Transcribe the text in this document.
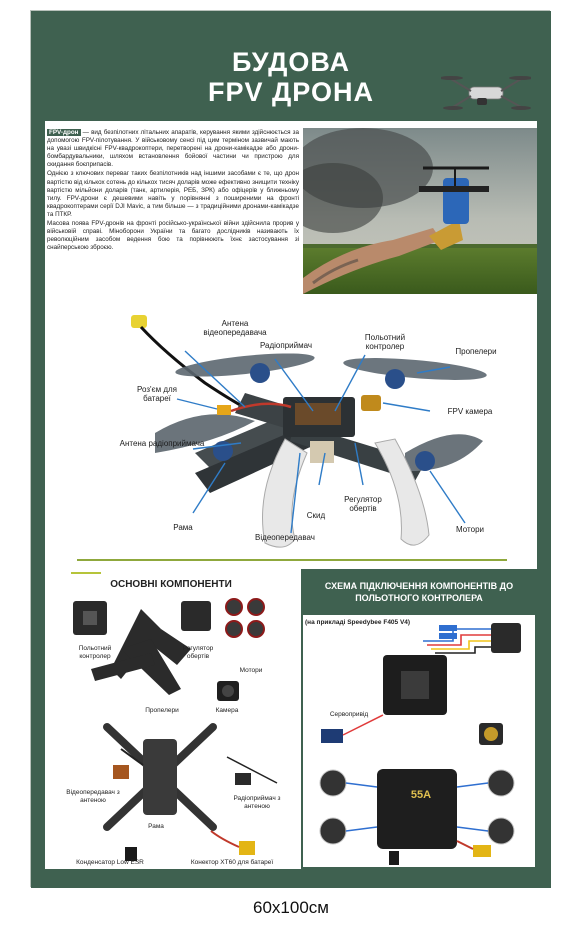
БУДОВА
FPV ДРОНА

FPV-дрон — вид безпілотних літальних апаратів, керування якими здійснюється за допомогою FPV-пілотування. У військовому сенсі під цим терміном зазвичай мають на увазі швидкісні FPV-квадрокоптери, перетворені на дрони-камікадзе або дрони-бомбардувальники, шляхом встановлення бойової частини чи пристрою для скидання боєприпасів.

Однією з ключових переваг таких безпілотників над іншими засобами є те, що дрон вартістю від кількох сотень до кількох тисяч доларів може ефективно знищити техніку вартістю мільйони доларів (танк, артилерія, РЕБ, ЗРК) або офіцерів у ближньому тилу. FPV-дрони є дешевими навіть у порівнянні з поширеними на фронті квадрокоптерами серії DJI Mavic, а тим більше — з традиційними дронами-камікадзе та ПТКР.

Масова поява FPV-дронів на фронті російсько-української війни здійснила прорив у військовій справі. Міноборони України та багато дослідників називають їх революційним засобом ведення бою та порівнюють їхнє застосування зі снайперською зброєю.

Антена відеопередавача
Радіоприймач
Польотний контролер
Пропелери
Роз'єм для батареї
FPV камера
Антена радіоприймача
Рама
Відеопередавач
Скид
Регулятор обертів
Мотори
ОСНОВНІ КОМПОНЕНТИ
Польотний контролер
Регулятор обертів
Мотори
Пропелери	Камера
Відеопередавач з антеною
Рама
Радіоприймач з антеною
Конденсатор Low ESR	Конектор XT60 для батареї
СХЕМА ПІДКЛЮЧЕННЯ КОМПОНЕНТІВ ДО ПОЛЬОТНОГО КОНТРОЛЕРА
(на прикладі Speedybee F405 V4)
Сервопривід
55A
60x100см
